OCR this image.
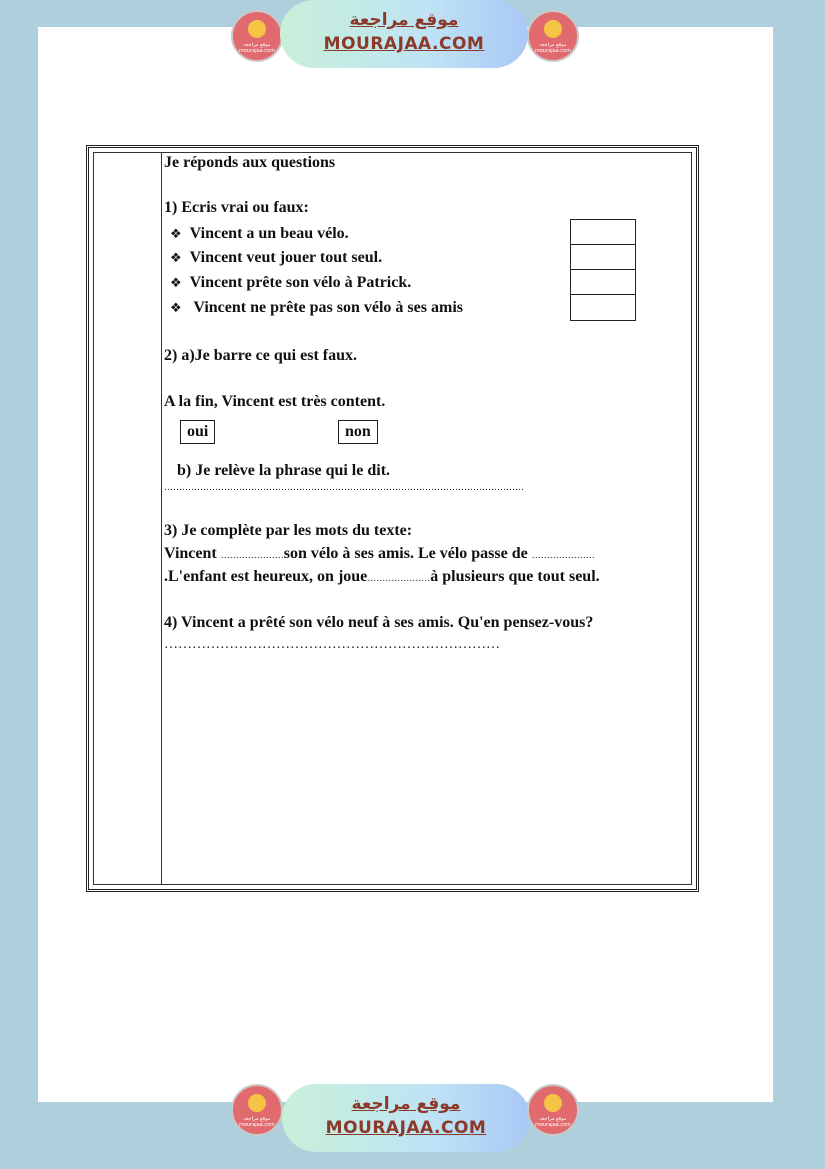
موقع مراجعة mourajaa.com
موقع مراجعة
MOURAJAA.COM	موقع مراجعة mourajaa.com
Je réponds aux questions
1) Ecris vrai ou faux:
❖ Vincent a un beau vélo.
❖ Vincent veut jouer tout seul.
❖ Vincent prête son vélo à Patrick.
❖ Vincent ne prête pas son vélo à ses amis
2) a)Je barre ce qui est faux.
A la fin, Vincent est très content.
oui	non
b) Je relève la phrase qui le dit.
…………………………………………………………………………………………………………
3) Je complète par les mots du texte:
Vincent …………………son vélo à ses amis. Le vélo passe de …………………
.L'enfant est heureux, on joue…………………à plusieurs que tout seul.
4) Vincent a prêté son vélo neuf à ses amis. Qu'en pensez-vous?
………………………………………………………………
موقع مراجعة mourajaa.com
موقع مراجعة
MOURAJAA.COM	موقع مراجعة mourajaa.com
